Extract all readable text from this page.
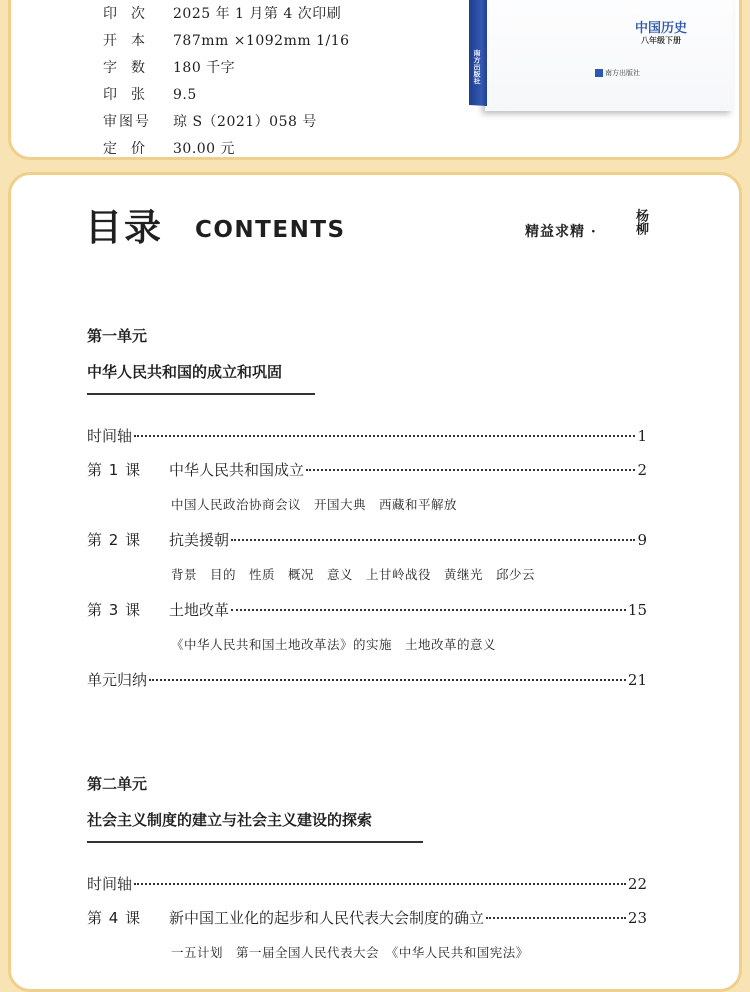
印次 2025 年 1 月第 4 次印刷
开本 787mm ×1092mm 1/16
字数 180 千字
印张 9.5
审图号 琼 S（2021）058 号
定价 30.00 元
南方出版社
中国历史
八年级下册
南方出版社
目录 CONTENTS	精益求精 ·	杨柳
第一单元
中华人民共和国的成立和巩固
时间轴	1
第 1 课	中华人民共和国成立	2
中国人民政治协商会议　开国大典　西藏和平解放
第 2 课	抗美援朝	9
背景　目的　性质　概况　意义　上甘岭战役　黄继光　邱少云
第 3 课	土地改革	15
《中华人民共和国土地改革法》的实施　土地改革的意义
单元归纳	21
第二单元
社会主义制度的建立与社会主义建设的探索
时间轴	22
第 4 课	新中国工业化的起步和人民代表大会制度的确立	23
一五计划　第一届全国人民代表大会　《中华人民共和国宪法》
